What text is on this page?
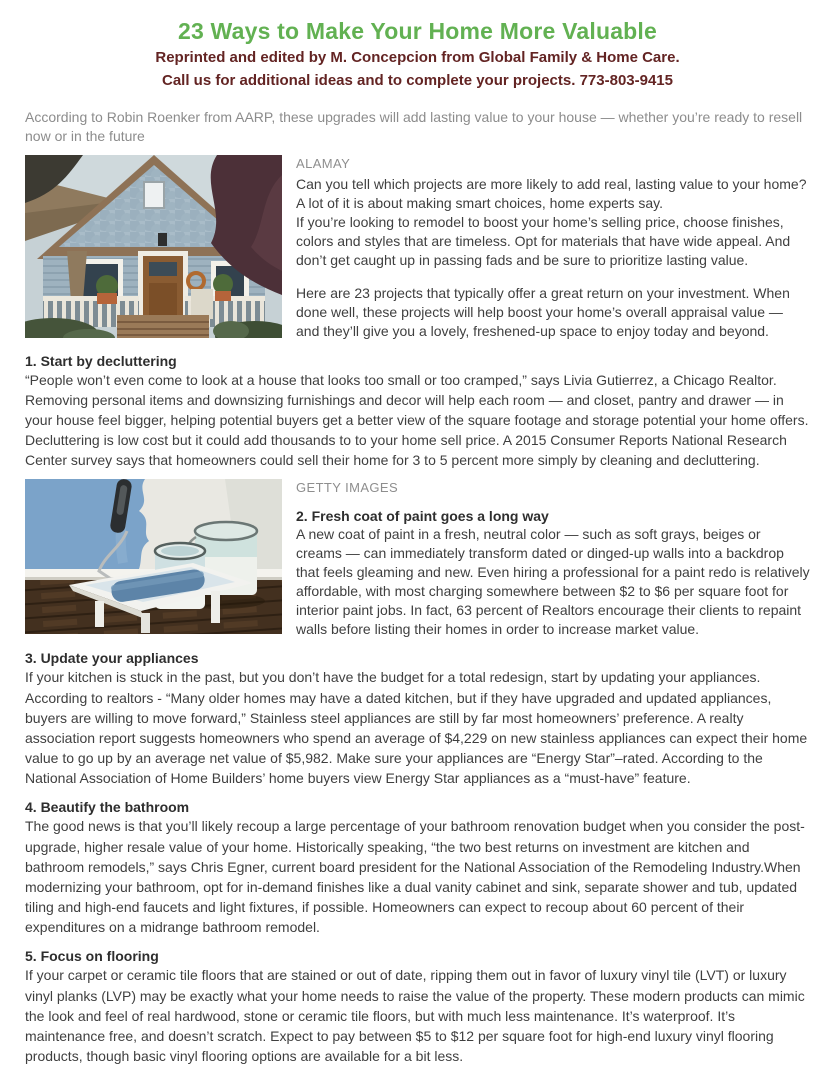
23 Ways to Make Your Home More Valuable

Reprinted and edited by M. Concepcion from Global Family & Home Care.

Call us for additional ideas and to complete your projects. 773-803-9415

According to Robin Roenker from AARP, these upgrades will add lasting value to your house — whether you’re ready to resell now or in the future

ALAMAY

Can you tell which projects are more likely to add real, lasting value to your home? A lot of it is about making smart choices, home experts say.

If you’re looking to remodel to boost your home’s selling price, choose finishes, colors and styles that are timeless. Opt for materials that have wide appeal. And don’t get caught up in passing fads and be sure to prioritize lasting value.

Here are 23 projects that typically offer a great return on your investment. When done well, these projects will help boost your home’s overall appraisal value — and they’ll give you a lovely, freshened-up space to enjoy today and beyond.

1. Start by decluttering

“People won’t even come to look at a house that looks too small or too cramped,” says Livia Gutierrez, a Chicago Realtor. Removing personal items and downsizing furnishings and decor will help each room — and closet, pantry and drawer — in your house feel bigger, helping potential buyers get a better view of the square footage and storage potential your home offers. Decluttering is low cost but it could add thousands to to your home sell price. A 2015 Consumer Reports National Research Center survey says that homeowners could sell their home for 3 to 5 percent more simply by cleaning and decluttering.

GETTY IMAGES
2. Fresh coat of paint goes a long way

A new coat of paint in a fresh, neutral color — such as soft grays, beiges or creams — can immediately transform dated or dinged-up walls into a backdrop that feels gleaming and new. Even hiring a professional for a paint redo is relatively affordable, with most charging somewhere between $2 to $6 per square foot for interior paint jobs. In fact, 63 percent of Realtors encourage their clients to repaint walls before listing their homes in order to increase market value.

3. Update your appliances

If your kitchen is stuck in the past, but you don’t have the budget for a total redesign, start by updating your appliances. According to realtors - “Many older homes may have a dated kitchen, but if they have upgraded and updated appliances, buyers are willing to move forward,” Stainless steel appliances are still by far most homeowners’ preference. A realty association report suggests homeowners who spend an average of $4,229 on new stainless appliances can expect their home value to go up by an average net value of $5,982. Make sure your appliances are “Energy Star”–rated. According to the National Association of Home Builders’ home buyers view Energy Star appliances as a “must-have” feature.

4. Beautify the bathroom

The good news is that you’ll likely recoup a large percentage of your bathroom renovation budget when you consider the post-upgrade, higher resale value of your home. Historically speaking, “the two best returns on investment are kitchen and bathroom remodels,” says Chris Egner, current board president for the National Association of the Remodeling Industry.When modernizing your bathroom, opt for in-demand finishes like a dual vanity cabinet and sink, separate shower and tub, updated tiling and high-end faucets and light fixtures, if possible. Homeowners can expect to recoup about 60 percent of their expenditures on a midrange bathroom remodel.

5. Focus on flooring

If your carpet or ceramic tile floors that are stained or out of date, ripping them out in favor of luxury vinyl tile (LVT) or luxury vinyl planks (LVP) may be exactly what your home needs to raise the value of the property. These modern products can mimic the look and feel of real hardwood, stone or ceramic tile floors, but with much less maintenance. It’s waterproof. It’s maintenance free, and doesn’t scratch. Expect to pay between $5 to $12 per square foot for high-end luxury vinyl flooring products, though basic vinyl flooring options are available for a bit less.
